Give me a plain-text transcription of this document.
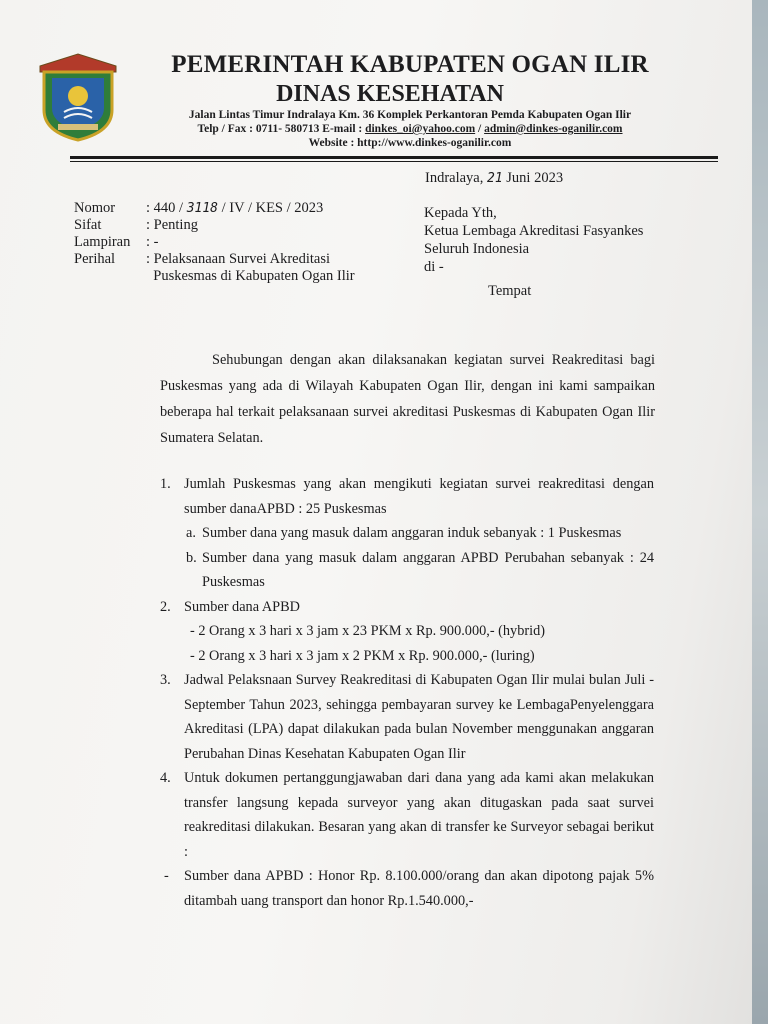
PEMERINTAH KABUPATEN OGAN ILIR
DINAS KESEHATAN
Jalan Lintas Timur Indralaya Km. 36 Komplek Perkantoran Pemda Kabupaten Ogan Ilir
Telp / Fax : 0711- 580713 E-mail : dinkes_oi@yahoo.com / admin@dinkes-oganilir.com
Website : http://www.dinkes-oganilir.com
Indralaya, 21 Juni 2023
Nomor	: 440 / 3118 / IV / KES / 2023
Sifat	: Penting
Lampiran	: -
Perihal	: Pelaksanaan Survei Akreditasi
Puskesmas di Kabupaten Ogan Ilir
Kepada Yth,
Ketua Lembaga Akreditasi Fasyankes
Seluruh Indonesia
di -
Tempat

Sehubungan dengan akan dilaksanakan kegiatan survei Reakreditasi bagi Puskesmas yang ada di Wilayah Kabupaten Ogan Ilir, dengan ini kami sampaikan beberapa hal terkait pelaksanaan survei akreditasi Puskesmas di Kabupaten Ogan Ilir Sumatera Selatan.

1. Jumlah Puskesmas yang akan mengikuti kegiatan survei reakreditasi dengan sumber danaAPBD : 25 Puskesmas
a. Sumber dana yang masuk dalam anggaran induk sebanyak : 1 Puskesmas
b. Sumber dana yang masuk dalam anggaran APBD Perubahan sebanyak : 24 Puskesmas
2. Sumber dana APBD
- 2 Orang x 3 hari x 3 jam x 23 PKM x Rp. 900.000,- (hybrid)
- 2 Orang x 3 hari x 3 jam x 2 PKM x Rp. 900.000,- (luring)
3. Jadwal Pelaksnaan Survey Reakreditasi di Kabupaten Ogan Ilir mulai bulan Juli - September Tahun 2023, sehingga pembayaran survey ke LembagaPenyelenggara Akreditasi (LPA) dapat dilakukan pada bulan November menggunakan anggaran Perubahan Dinas Kesehatan Kabupaten Ogan Ilir
4. Untuk dokumen pertanggungjawaban dari dana yang ada kami akan melakukan transfer langsung kepada surveyor yang akan ditugaskan pada saat survei reakreditasi dilakukan. Besaran yang akan di transfer ke Surveyor sebagai berikut :
-	Sumber dana APBD : Honor Rp. 8.100.000/orang dan akan dipotong pajak 5% ditambah uang transport dan honor Rp.1.540.000,-
